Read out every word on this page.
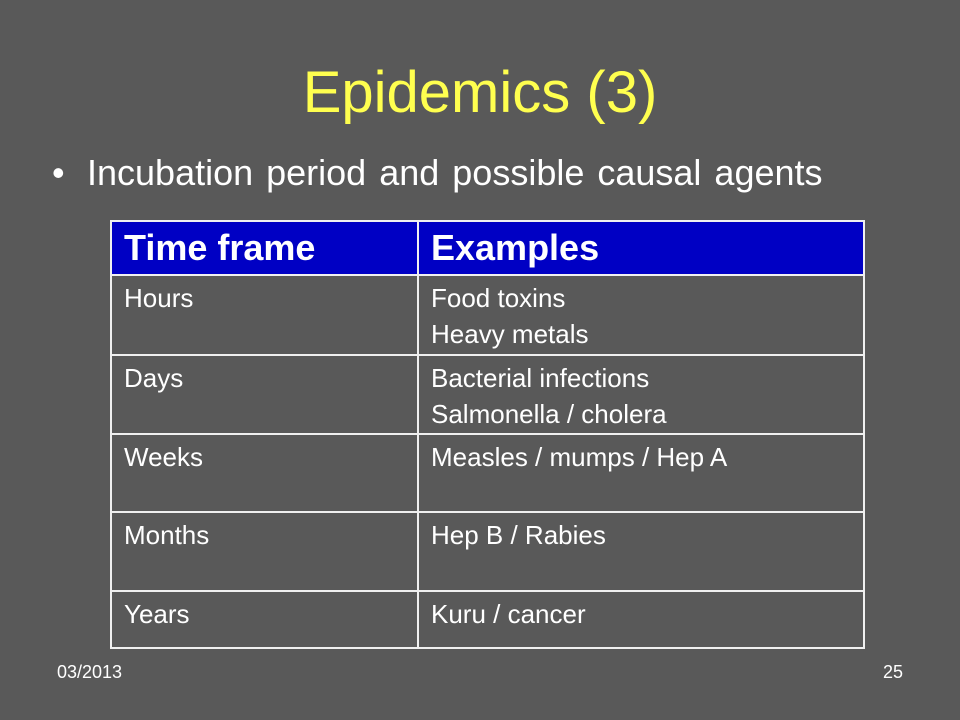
Epidemics (3)
• Incubation period and possible causal agents
Time frame	Examples
Hours	Food toxins
Heavy metals
Days	Bacterial infections
Salmonella / cholera
Weeks	Measles / mumps / Hep A
Months	Hep B / Rabies
Years	Kuru / cancer
03/2013	25
